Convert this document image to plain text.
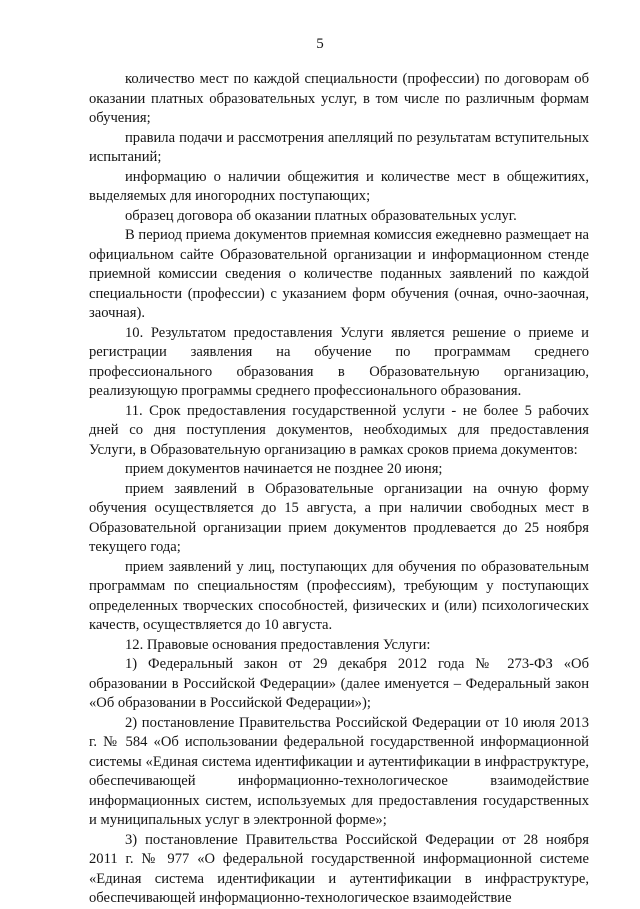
5

количество мест по каждой специальности (профессии) по договорам об оказании платных образовательных услуг, в том числе по различным формам обучения;

правила подачи и рассмотрения апелляций по результатам вступительных испытаний;

информацию о наличии общежития и количестве мест в общежитиях, выделяемых для иногородних поступающих;

образец договора об оказании платных образовательных услуг.

В период приема документов приемная комиссия ежедневно размещает на официальном сайте Образовательной организации и информационном стенде приемной комиссии сведения о количестве поданных заявлений по каждой специальности (профессии) с указанием форм обучения (очная, очно-заочная, заочная).

10. Результатом предоставления Услуги является решение о приеме и регистрации заявления на обучение по программам среднего профессионального образования в Образовательную организацию, реализующую программы среднего профессионального образования.

11. Срок предоставления государственной услуги - не более 5 рабочих дней со дня поступления документов, необходимых для предоставления Услуги, в Образовательную организацию в рамках сроков приема документов:

прием документов начинается не позднее 20 июня;

прием заявлений в Образовательные организации на очную форму обучения осуществляется до 15 августа, а при наличии свободных мест в Образовательной организации прием документов продлевается до 25 ноября текущего года;

прием заявлений у лиц, поступающих для обучения по образовательным программам по специальностям (профессиям), требующим у поступающих определенных творческих способностей, физических и (или) психологических качеств, осуществляется до 10 августа.

12. Правовые основания предоставления Услуги:

1) Федеральный закон от 29 декабря 2012 года № 273-ФЗ «Об образовании в Российской Федерации» (далее именуется – Федеральный закон «Об образовании в Российской Федерации»);

2) постановление Правительства Российской Федерации от 10 июля 2013 г. № 584 «Об использовании федеральной государственной информационной системы «Единая система идентификации и аутентификации в инфраструктуре, обеспечивающей информационно-технологическое взаимодействие информационных систем, используемых для предоставления государственных и муниципальных услуг в электронной форме»;

3) постановление Правительства Российской Федерации от 28 ноября 2011 г. № 977 «О федеральной государственной информационной системе «Единая система идентификации и аутентификации в инфраструктуре, обеспечивающей информационно-технологическое взаимодействие
